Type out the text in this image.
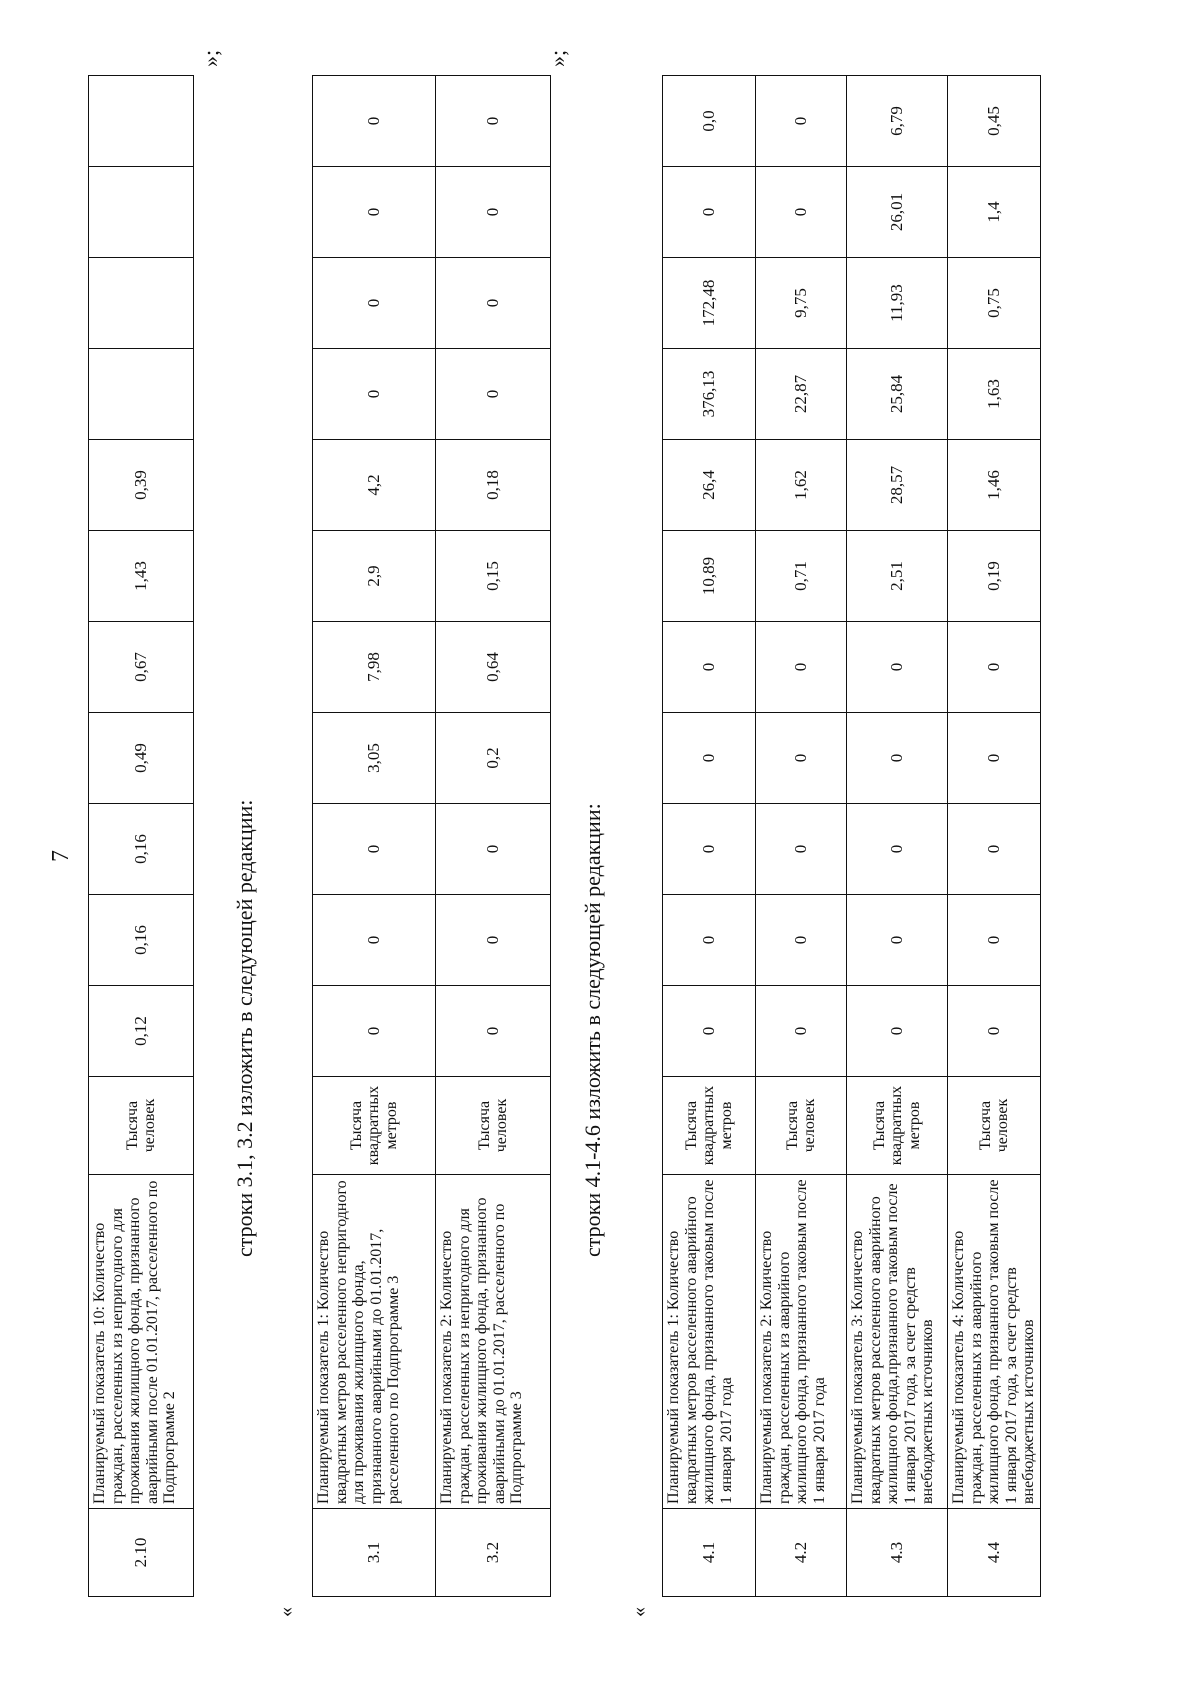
7
2.10	Планируемый показатель 10: Количество граждан, расселенных из непригодного для проживания жилищного фонда, признанного аварийными после 01.01.2017, расселенного по Подпрограмме 2	Тысяча человек	0,12	0,16	0,16	0,49	0,67	1,43	0,39				
»;
строки 3.1, 3.2 изложить в следующей редакции:
«
3.1	Планируемый показатель 1: Количество квадратных метров расселенного непригодного для проживания жилищного фонда, признанного аварийными до 01.01.2017, расселенного по Подпрограмме 3	Тысяча квадратных метров	0	0	0	3,05	7,98	2,9	4,2	0	0	0	0
3.2	Планируемый показатель 2: Количество граждан, расселенных из непригодного для проживания жилищного фонда, признанного аварийными до 01.01.2017, расселенного по Подпрограмме 3	Тысяча человек	0	0	0	0,2	0,64	0,15	0,18	0	0	0	0
»;
строки 4.1-4.6 изложить в следующей редакции:
«
4.1	Планируемый показатель 1: Количество квадратных метров расселенного аварийного жилищного фонда, признанного таковым после 1 января 2017 года	Тысяча квадратных метров	0	0	0	0	0	10,89	26,4	376,13	172,48	0	0,0
4.2	Планируемый показатель 2: Количество граждан, расселенных из аварийного жилищного фонда, признанного таковым после 1 января 2017 года	Тысяча человек	0	0	0	0	0	0,71	1,62	22,87	9,75	0	0
4.3	Планируемый показатель 3: Количество квадратных метров расселенного аварийного жилищного фонда,признанного таковым после 1 января 2017 года, за счет средств внебюджетных источников	Тысяча квадратных метров	0	0	0	0	0	2,51	28,57	25,84	11,93	26,01	6,79
4.4	Планируемый показатель 4: Количество граждан, расселенных из аварийного жилищного фонда, признанного таковым после 1 января 2017 года, за счет средств внебюджетных источников	Тысяча человек	0	0	0	0	0	0,19	1,46	1,63	0,75	1,4	0,45
